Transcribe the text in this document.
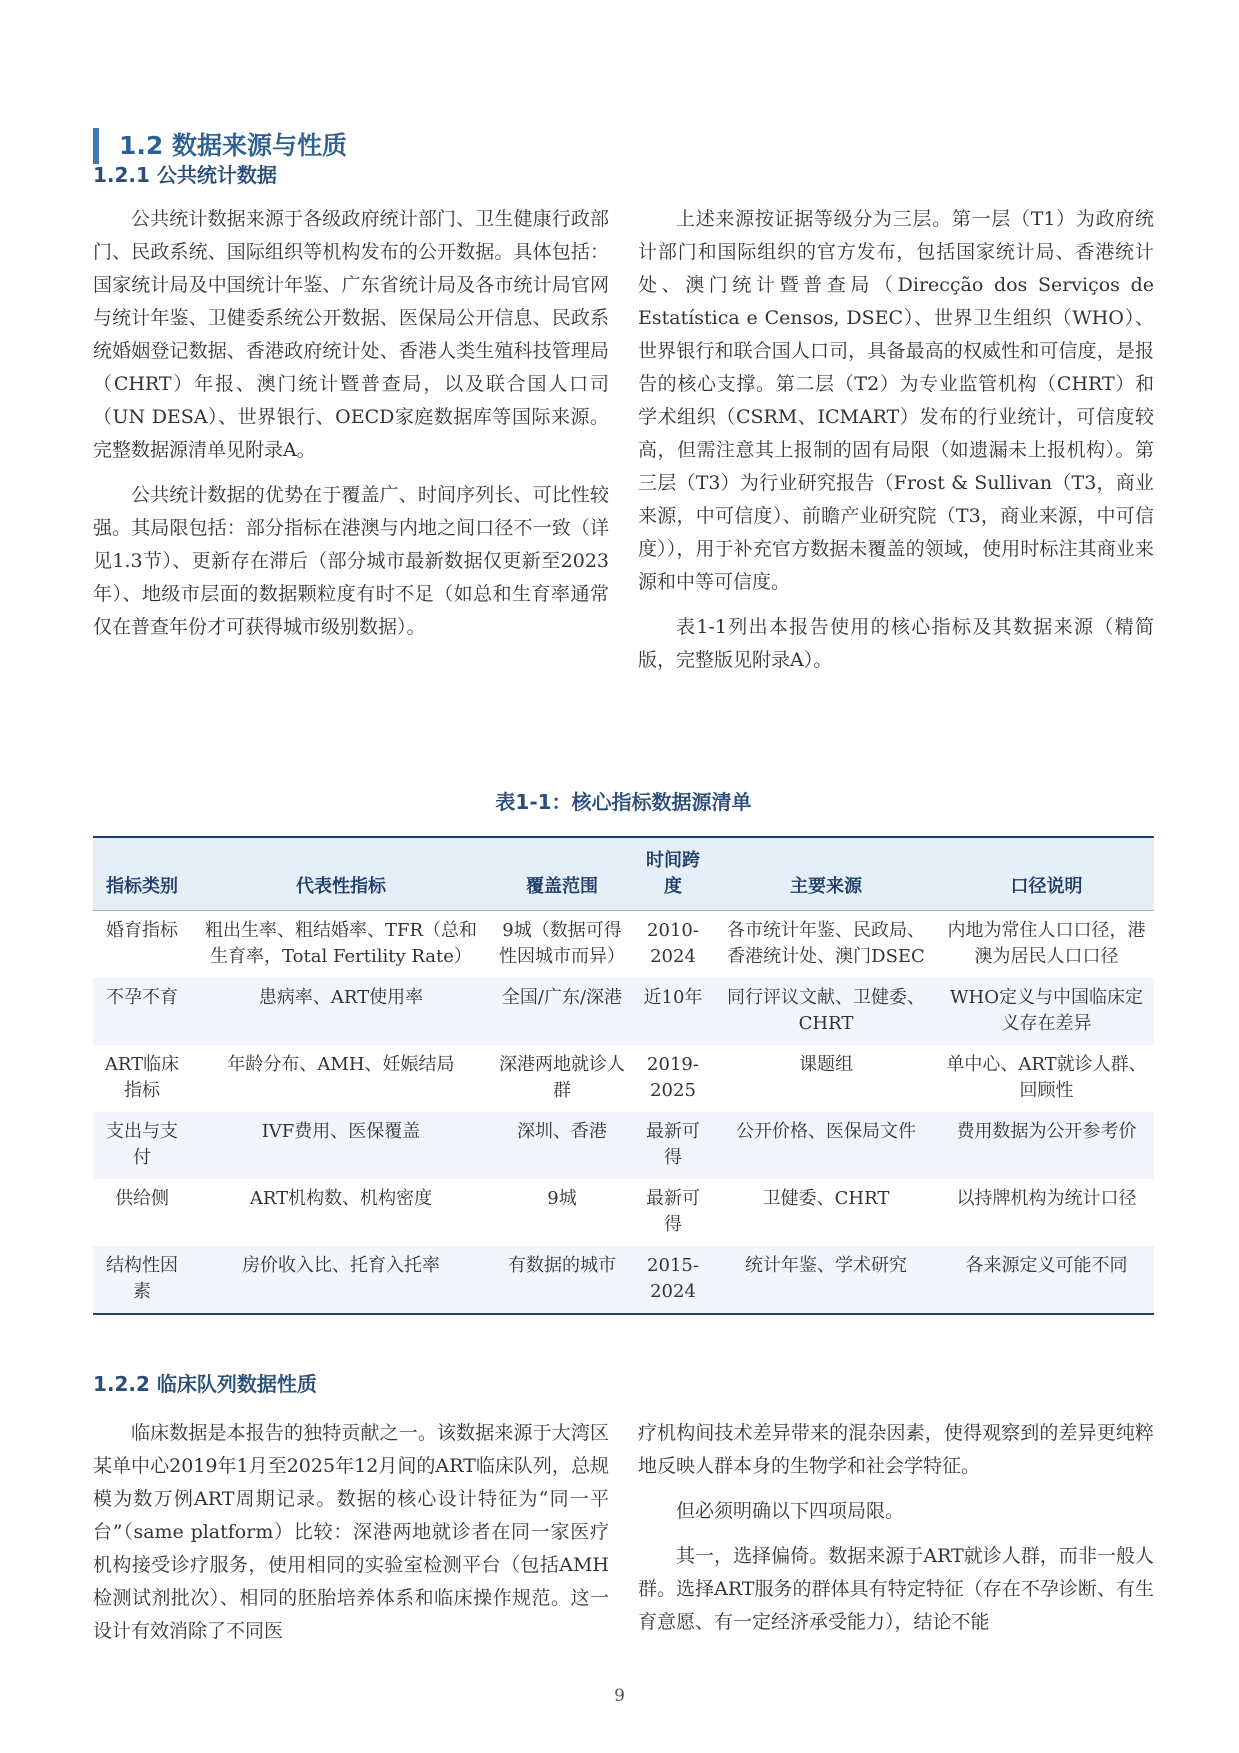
1.2 数据来源与性质
1.2.1 公共统计数据

公共统计数据来源于各级政府统计部门、卫生健康行政部门、民政系统、国际组织等机构发布的公开数据。具体包括：国家统计局及中国统计年鉴、广东省统计局及各市统计局官网与统计年鉴、卫健委系统公开数据、医保局公开信息、民政系统婚姻登记数据、香港政府统计处、香港人类生殖科技管理局（CHRT）年报、澳门统计暨普查局，以及联合国人口司（UN DESA）、世界银行、OECD家庭数据库等国际来源。完整数据源清单见附录A。

公共统计数据的优势在于覆盖广、时间序列长、可比性较强。其局限包括：部分指标在港澳与内地之间口径不一致（详见1.3节）、更新存在滞后（部分城市最新数据仅更新至2023年）、地级市层面的数据颗粒度有时不足（如总和生育率通常仅在普查年份才可获得城市级别数据）。

上述来源按证据等级分为三层。第一层（T1）为政府统计部门和国际组织的官方发布，包括国家统计局、香港统计处、澳门统计暨普查局（Direcção dos Serviços de Estatística e Censos, DSEC）、世界卫生组织（WHO）、世界银行和联合国人口司，具备最高的权威性和可信度，是报告的核心支撑。第二层（T2）为专业监管机构（CHRT）和学术组织（CSRM、ICMART）发布的行业统计，可信度较高，但需注意其上报制的固有局限（如遗漏未上报机构）。第三层（T3）为行业研究报告（Frost & Sullivan（T3，商业来源，中可信度）、前瞻产业研究院（T3，商业来源，中可信度）），用于补充官方数据未覆盖的领域，使用时标注其商业来源和中等可信度。

表1-1列出本报告使用的核心指标及其数据来源（精简版，完整版见附录A）。

表1-1：核心指标数据源清单
指标类别	代表性指标	覆盖范围	时间跨度	主要来源	口径说明
婚育指标	粗出生率、粗结婚率、TFR（总和生育率，Total Fertility Rate）	9城（数据可得性因城市而异）	2010-2024	各市统计年鉴、民政局、香港统计处、澳门DSEC	内地为常住人口口径，港澳为居民人口口径
不孕不育	患病率、ART使用率	全国/广东/深港	近10年	同行评议文献、卫健委、CHRT	WHO定义与中国临床定义存在差异
ART临床指标	年龄分布、AMH、妊娠结局	深港两地就诊人群	2019-2025	课题组	单中心、ART就诊人群、回顾性
支出与支付	IVF费用、医保覆盖	深圳、香港	最新可得	公开价格、医保局文件	费用数据为公开参考价
供给侧	ART机构数、机构密度	9城	最新可得	卫健委、CHRT	以持牌机构为统计口径
结构性因素	房价收入比、托育入托率	有数据的城市	2015-2024	统计年鉴、学术研究	各来源定义可能不同
1.2.2 临床队列数据性质

临床数据是本报告的独特贡献之一。该数据来源于大湾区某单中心2019年1月至2025年12月间的ART临床队列，总规模为数万例ART周期记录。数据的核心设计特征为“同一平台”（same platform）比较：深港两地就诊者在同一家医疗机构接受诊疗服务，使用相同的实验室检测平台（包括AMH检测试剂批次）、相同的胚胎培养体系和临床操作规范。这一设计有效消除了不同医

疗机构间技术差异带来的混杂因素，使得观察到的差异更纯粹地反映人群本身的生物学和社会学特征。

但必须明确以下四项局限。

其一，选择偏倚。数据来源于ART就诊人群，而非一般人群。选择ART服务的群体具有特定特征（存在不孕诊断、有生育意愿、有一定经济承受能力），结论不能

9
